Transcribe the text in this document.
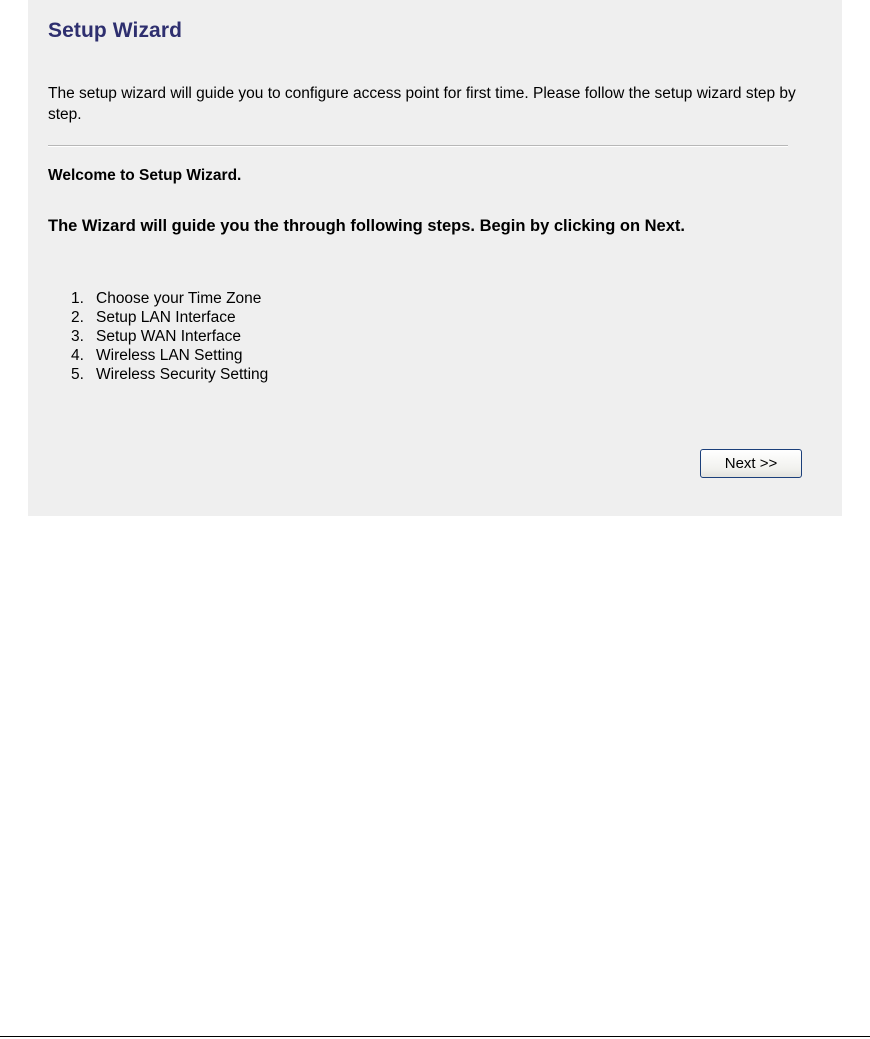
Setup Wizard

The setup wizard will guide you to configure access point for first time. Please follow the setup wizard step by step.

Welcome to Setup Wizard.

The Wizard will guide you the through following steps. Begin by clicking on Next.

1. Choose your Time Zone
2. Setup LAN Interface
3. Setup WAN Interface
4. Wireless LAN Setting
5. Wireless Security Setting
Next >>
